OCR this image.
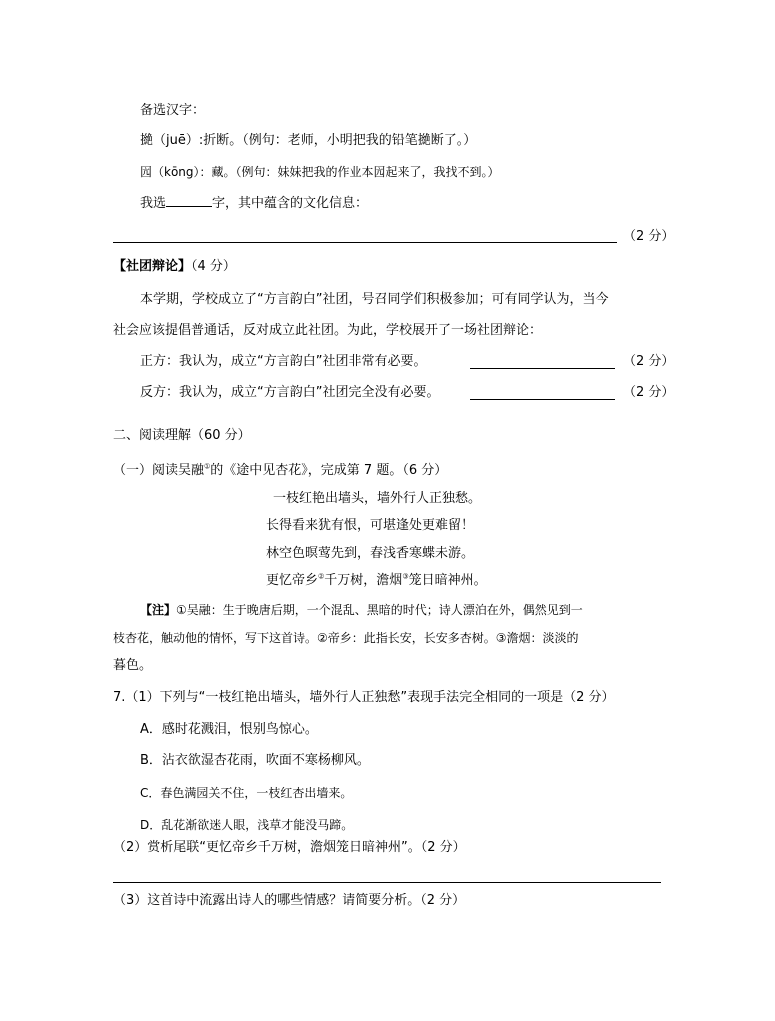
备选汉字：
撧（juē）:折断。（例句：老师，小明把我的铅笔撧断了。）
囥（kōng）：藏。（例句：妹妹把我的作业本囥起来了，我找不到。）
我选	字，其中蕴含的文化信息：
（2 分）
【社团辩论】（4 分）
本学期，学校成立了“方言韵白”社团，号召同学们积极参加；可有同学认为，当今
社会应该提倡普通话，反对成立此社团。为此，学校展开了一场社团辩论：
正方：我认为，成立“方言韵白”社团非常有必要。	（2 分）
反方：我认为，成立“方言韵白”社团完全没有必要。	（2 分）
二、阅读理解（60 分）
（一）阅读吴融①的《途中见杏花》，完成第 7 题。（6 分）
一枝红艳出墙头，墙外行人正独愁。
长得看来犹有恨，可堪逢处更难留！
林空色暝莺先到，春浅香寒蝶未游。
更忆帝乡②千万树，澹烟③笼日暗神州。
【注】①吴融：生于晚唐后期，一个混乱、黑暗的时代；诗人漂泊在外，偶然见到一
枝杏花，触动他的情怀，写下这首诗。②帝乡：此指长安，长安多杏树。③澹烟：淡淡的
暮色。
7.（1）下列与“一枝红艳出墙头，墙外行人正独愁”表现手法完全相同的一项是（2 分）
A．感时花溅泪，恨别鸟惊心。
B．沾衣欲湿杏花雨，吹面不寒杨柳风。
C．春色满园关不住，一枝红杏出墙来。
D．乱花渐欲迷人眼，浅草才能没马蹄。
（2）赏析尾联“更忆帝乡千万树，澹烟笼日暗神州”。（2 分）
（3）这首诗中流露出诗人的哪些情感？请简要分析。（2 分）
